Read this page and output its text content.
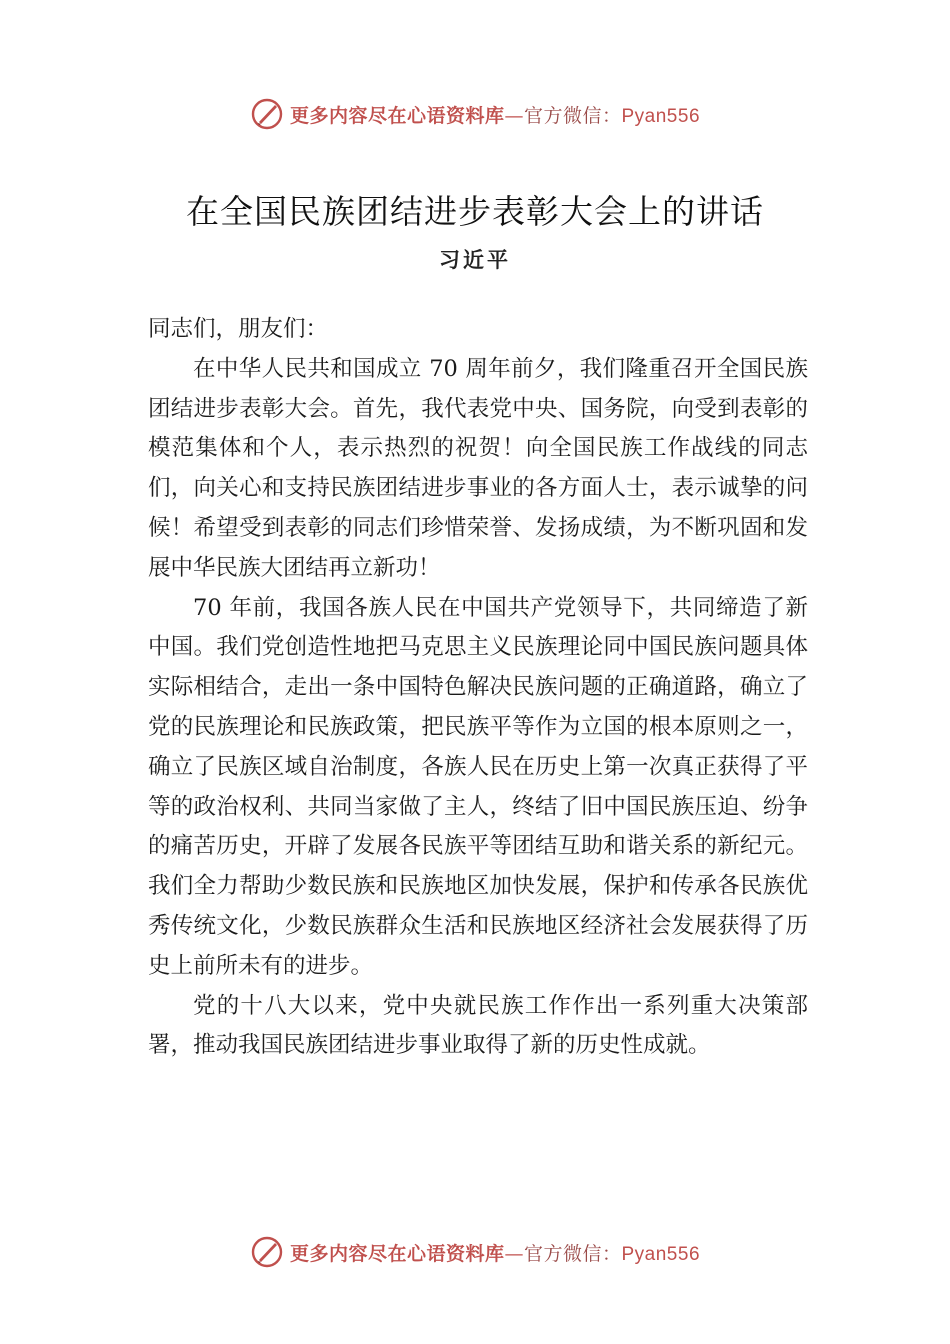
更多内容尽在心语资料库—官方微信：Pyan556
在全国民族团结进步表彰大会上的讲话
习近平

同志们，朋友们：

在中华人民共和国成立 70 周年前夕，我们隆重召开全国民族团结进步表彰大会。首先，我代表党中央、国务院，向受到表彰的模范集体和个人，表示热烈的祝贺！向全国民族工作战线的同志们，向关心和支持民族团结进步事业的各方面人士，表示诚挚的问候！希望受到表彰的同志们珍惜荣誉、发扬成绩，为不断巩固和发展中华民族大团结再立新功！

70 年前，我国各族人民在中国共产党领导下，共同缔造了新中国。我们党创造性地把马克思主义民族理论同中国民族问题具体实际相结合，走出一条中国特色解决民族问题的正确道路，确立了党的民族理论和民族政策，把民族平等作为立国的根本原则之一，确立了民族区域自治制度，各族人民在历史上第一次真正获得了平等的政治权利、共同当家做了主人，终结了旧中国民族压迫、纷争的痛苦历史，开辟了发展各民族平等团结互助和谐关系的新纪元。我们全力帮助少数民族和民族地区加快发展，保护和传承各民族优秀传统文化，少数民族群众生活和民族地区经济社会发展获得了历史上前所未有的进步。

党的十八大以来，党中央就民族工作作出一系列重大决策部署，推动我国民族团结进步事业取得了新的历史性成就。

更多内容尽在心语资料库—官方微信：Pyan556
